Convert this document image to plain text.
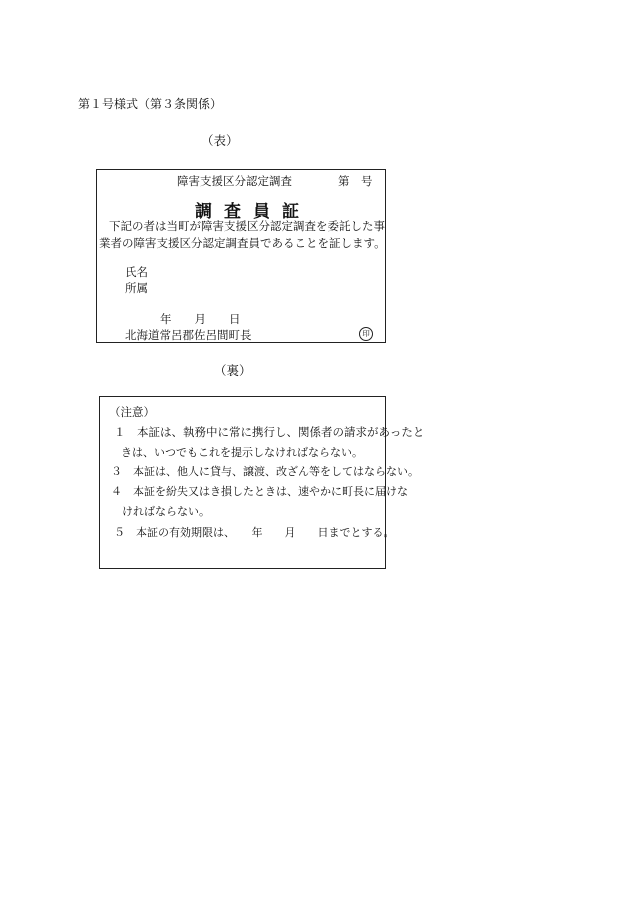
第１号様式（第３条関係）
（表）
障害支援区分認定調査	第　号
調査員証
下記の者は当町が障害支援区分認定調査を委託した事
業者の障害支援区分認定調査員であることを証します。
氏名
所属
年　　月　　日
北海道常呂郡佐呂間町長	印
（裏）
（注意）
１　本証は、執務中に常に携行し、関係者の請求があったと
きは、いつでもこれを提示しなければならない。
３　本証は、他人に貸与、譲渡、改ざん等をしてはならない。
４　本証を紛失又はき損したときは、速やかに町長に届けな
ければならない。
５　本証の有効期限は、　　年　　月　　日までとする。
